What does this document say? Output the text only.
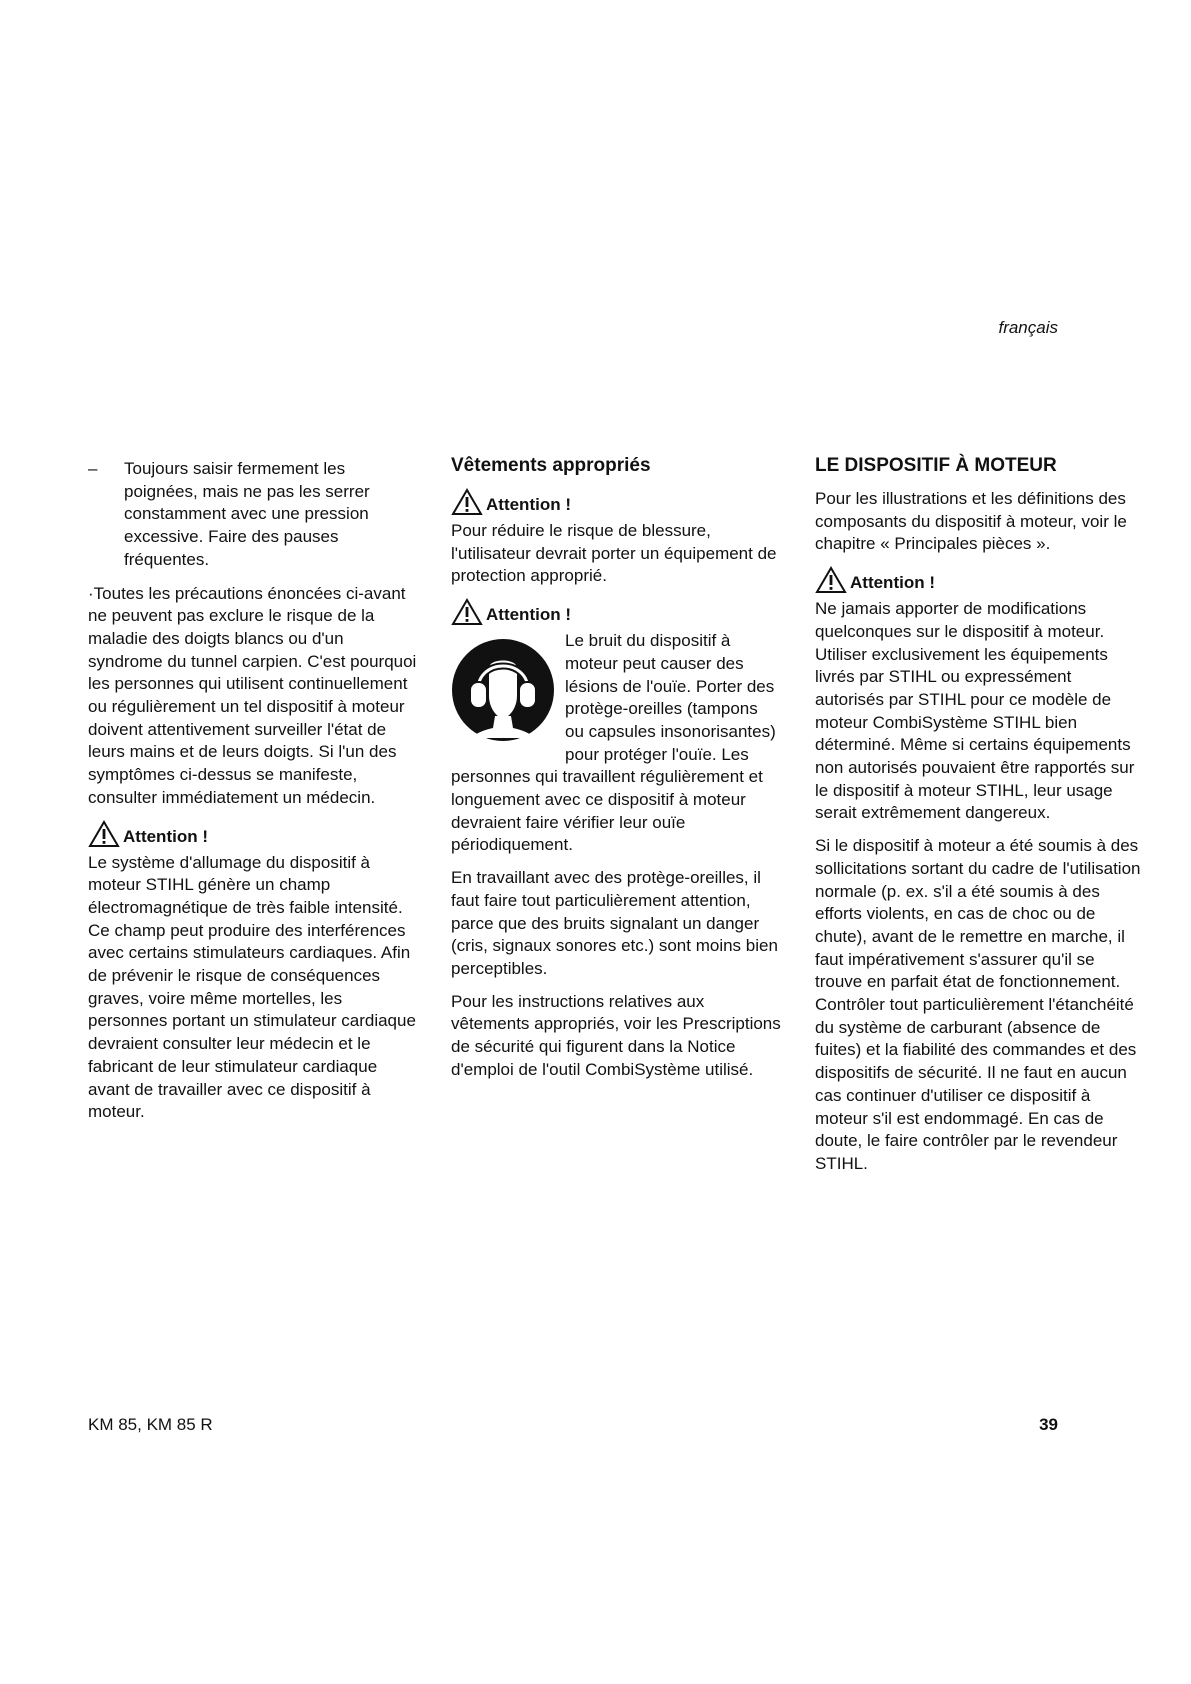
français
–	Toujours saisir fermement les poignées, mais ne pas les serrer constamment avec une pression excessive. Faire des pauses fréquentes.

·Toutes les précautions énoncées ci-avant ne peuvent pas exclure le risque de la maladie des doigts blancs ou d'un syndrome du tunnel carpien. C'est pourquoi les personnes qui utilisent continuellement ou régulièrement un tel dispositif à moteur doivent attentivement surveiller l'état de leurs mains et de leurs doigts. Si l'un des symptômes ci-dessus se manifeste, consulter immédiatement un médecin.

Attention !

Le système d'allumage du dispositif à moteur STIHL génère un champ électromagnétique de très faible intensité.

Ce champ peut produire des interférences avec certains stimulateurs cardiaques. Afin de prévenir le risque de conséquences graves, voire même mortelles, les personnes portant un stimulateur cardiaque devraient consulter leur médecin et le fabricant de leur stimulateur cardiaque avant de travailler avec ce dispositif à moteur.

Vêtements appropriés
Attention !

Pour réduire le risque de blessure, l'utilisateur devrait porter un équipement de protection approprié.

Attention !

Le bruit du dispositif à moteur peut causer des lésions de l'ouïe. Porter des protège-oreilles (tampons ou capsules insonorisantes) pour protéger l'ouïe. Les personnes qui travaillent régulièrement et longuement avec ce dispositif à moteur devraient faire vérifier leur ouïe périodiquement.

En travaillant avec des protège-oreilles, il faut faire tout particulièrement attention, parce que des bruits signalant un danger (cris, signaux sonores etc.) sont moins bien perceptibles.

Pour les instructions relatives aux vêtements appropriés, voir les Prescriptions de sécurité qui figurent dans la Notice d'emploi de l'outil CombiSystème utilisé.

LE DISPOSITIF À MOTEUR

Pour les illustrations et les définitions des composants du dispositif à moteur, voir le chapitre « Principales pièces ».

Attention !

Ne jamais apporter de modifications quelconques sur le dispositif à moteur. Utiliser exclusivement les équipements livrés par STIHL ou expressément autorisés par STIHL pour ce modèle de moteur CombiSystème STIHL bien déterminé. Même si certains équipements non autorisés pouvaient être rapportés sur le dispositif à moteur STIHL, leur usage serait extrêmement dangereux.

Si le dispositif à moteur a été soumis à des sollicitations sortant du cadre de l'utilisation normale (p. ex. s'il a été soumis à des efforts violents, en cas de choc ou de chute), avant de le remettre en marche, il faut impérativement s'assurer qu'il se trouve en parfait état de fonctionnement. Contrôler tout particulièrement l'étanchéité du système de carburant (absence de fuites) et la fiabilité des commandes et des dispositifs de sécurité. Il ne faut en aucun cas continuer d'utiliser ce dispositif à moteur s'il est endommagé. En cas de doute, le faire contrôler par le revendeur STIHL.

KM 85, KM 85 R	39
